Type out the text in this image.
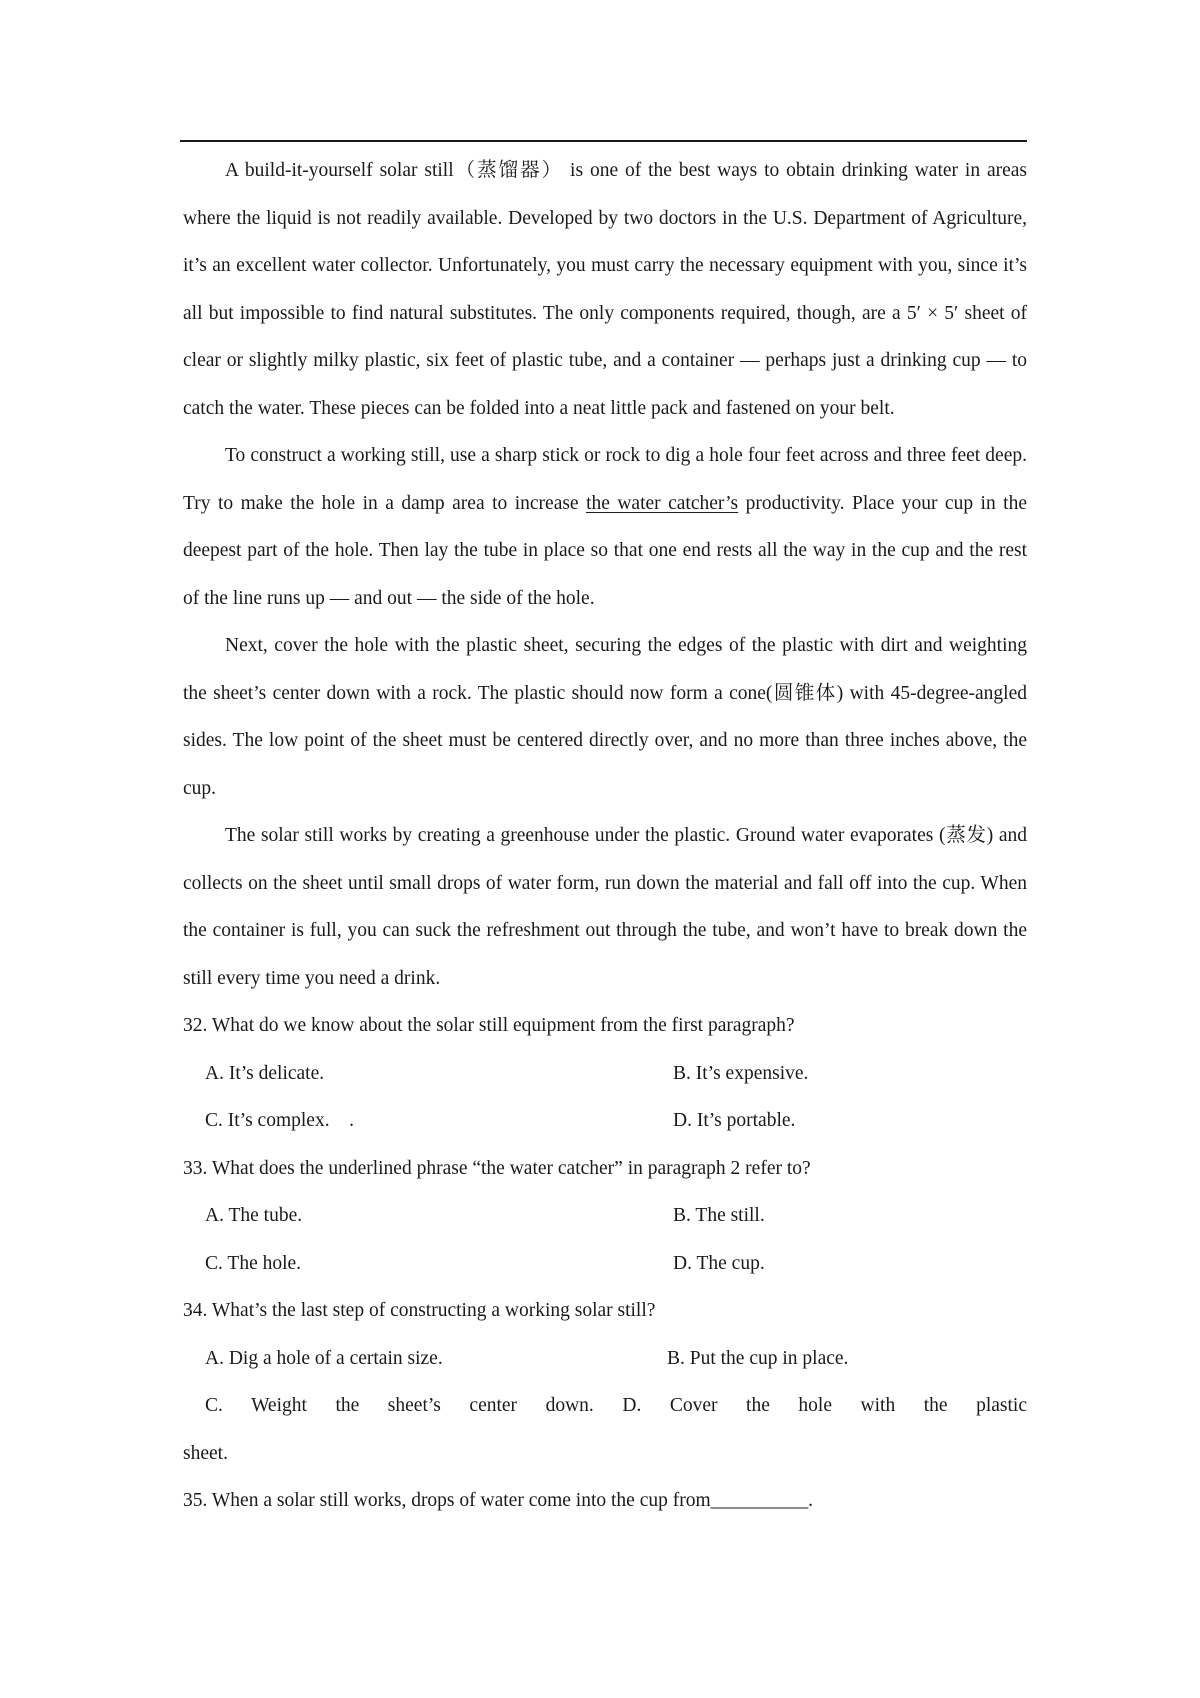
A build-it-yourself solar still（蒸馏器） is one of the best ways to obtain drinking water in areas where the liquid is not readily available. Developed by two doctors in the U.S. Department of Agriculture, it’s an excellent water collector. Unfortunately, you must carry the necessary equipment with you, since it’s all but impossible to find natural substitutes. The only components required, though, are a 5′ × 5′ sheet of clear or slightly milky plastic, six feet of plastic tube, and a container — perhaps just a drinking cup — to catch the water. These pieces can be folded into a neat little pack and fastened on your belt.

To construct a working still, use a sharp stick or rock to dig a hole four feet across and three feet deep. Try to make the hole in a damp area to increase the water catcher’s productivity. Place your cup in the deepest part of the hole. Then lay the tube in place so that one end rests all the way in the cup and the rest of the line runs up — and out — the side of the hole.

Next, cover the hole with the plastic sheet, securing the edges of the plastic with dirt and weighting the sheet’s center down with a rock. The plastic should now form a cone(圆锥体) with 45-degree-angled sides. The low point of the sheet must be centered directly over, and no more than three inches above, the cup.

The solar still works by creating a greenhouse under the plastic. Ground water evaporates (蒸发) and collects on the sheet until small drops of water form, run down the material and fall off into the cup. When the container is full, you can suck the refreshment out through the tube, and won’t have to break down the still every time you need a drink.

32. What do we know about the solar still equipment from the first paragraph?

A. It’s delicate.	B. It’s expensive.
C. It’s complex.    .	D. It’s portable.

33. What does the underlined phrase “the water catcher” in paragraph 2 refer to?

A. The tube.	B. The still.
C. The hole.	D. The cup.

34. What’s the last step of constructing a working solar still?

A. Dig a hole of a certain size.	B. Put the cup in place.
C. Weight the sheet’s center down. D. Cover the hole with the plastic

sheet.

35. When a solar still works, drops of water come into the cup from__________.
